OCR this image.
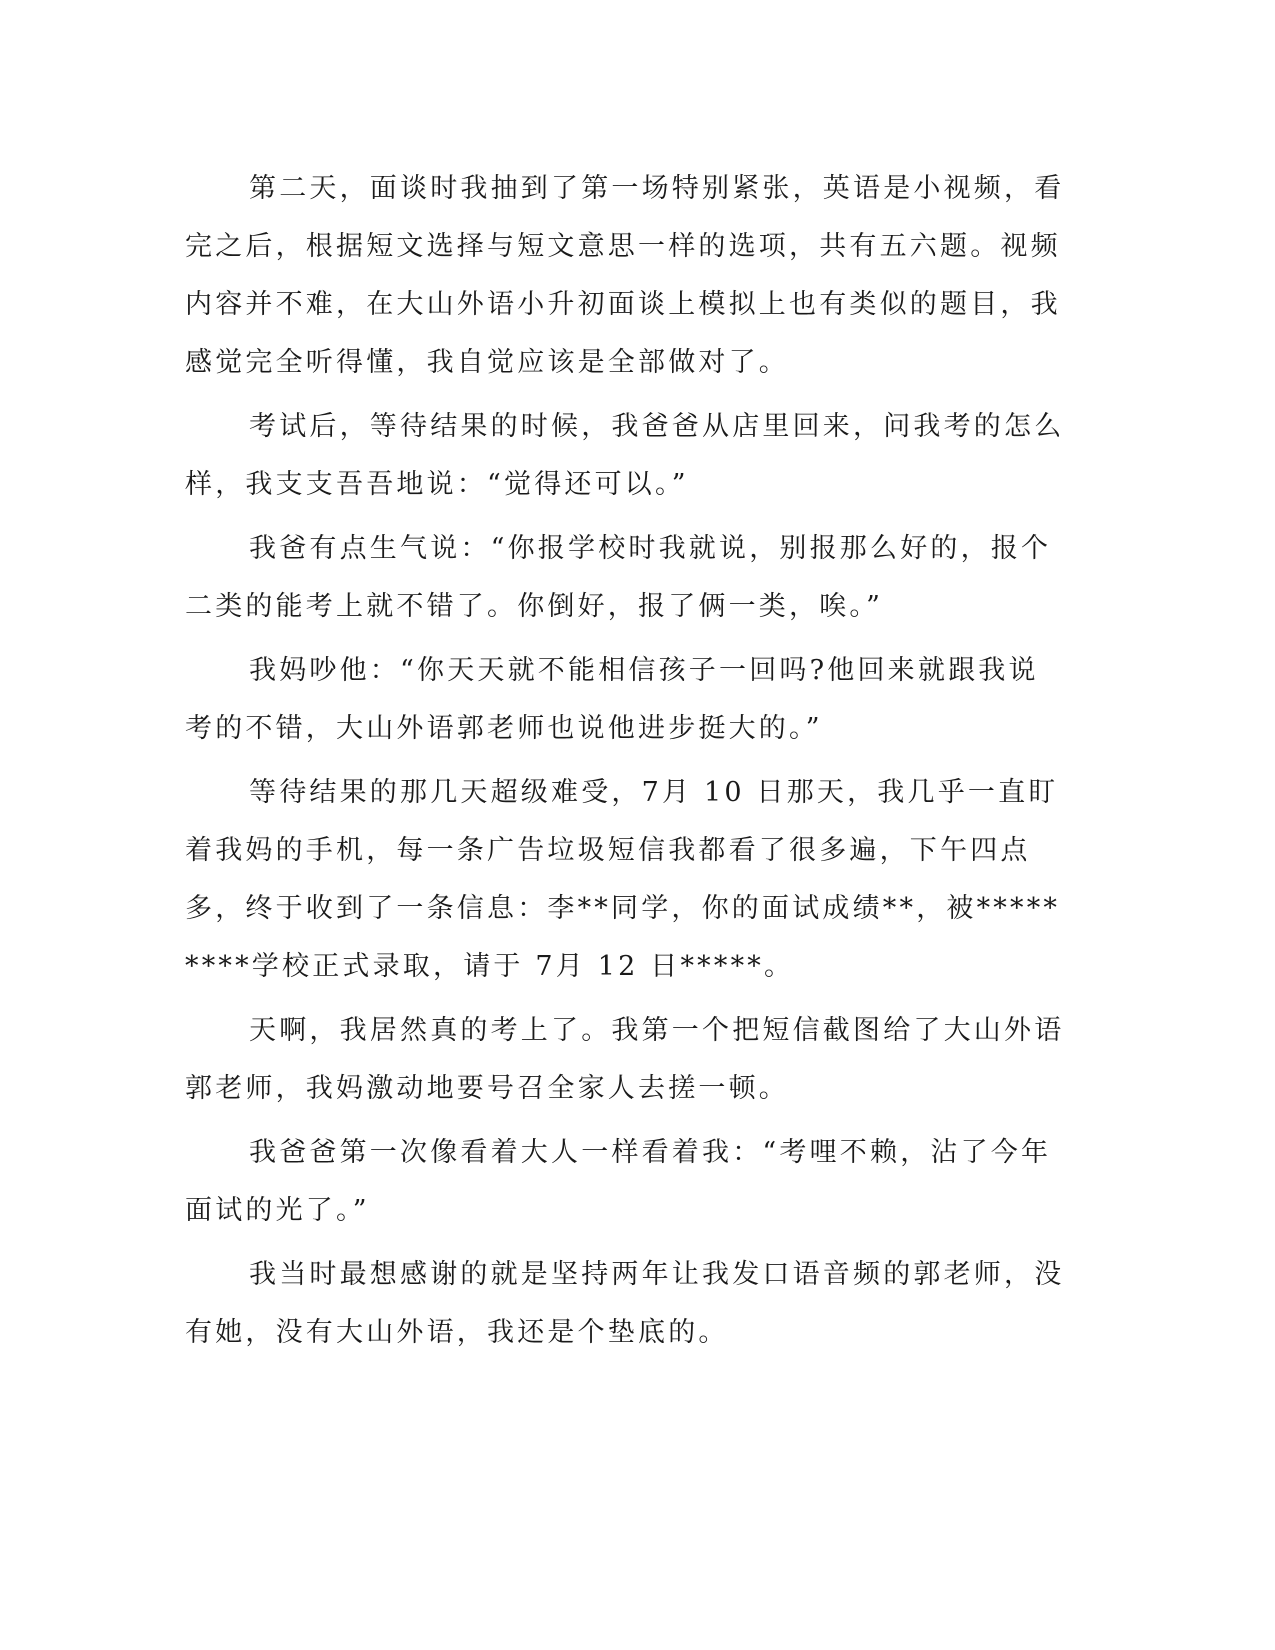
第二天，面谈时我抽到了第一场特别紧张，英语是小视频，看完之后，根据短文选择与短文意思一样的选项，共有五六题。视频内容并不难，在大山外语小升初面谈上模拟上也有类似的题目，我感觉完全听得懂，我自觉应该是全部做对了。

考试后，等待结果的时候，我爸爸从店里回来，问我考的怎么样，我支支吾吾地说：“觉得还可以。”

我爸有点生气说：“你报学校时我就说，别报那么好的，报个二类的能考上就不错了。你倒好，报了俩一类，唉。”

我妈吵他：“你天天就不能相信孩子一回吗?他回来就跟我说考的不错，大山外语郭老师也说他进步挺大的。”

等待结果的那几天超级难受，7月 10 日那天，我几乎一直盯着我妈的手机，每一条广告垃圾短信我都看了很多遍，下午四点多，终于收到了一条信息：李**同学，你的面试成绩**，被*********学校正式录取，请于 7月 12 日*****。

天啊，我居然真的考上了。我第一个把短信截图给了大山外语郭老师，我妈激动地要号召全家人去搓一顿。

我爸爸第一次像看着大人一样看着我：“考哩不赖，沾了今年面试的光了。”

我当时最想感谢的就是坚持两年让我发口语音频的郭老师，没有她，没有大山外语，我还是个垫底的。
